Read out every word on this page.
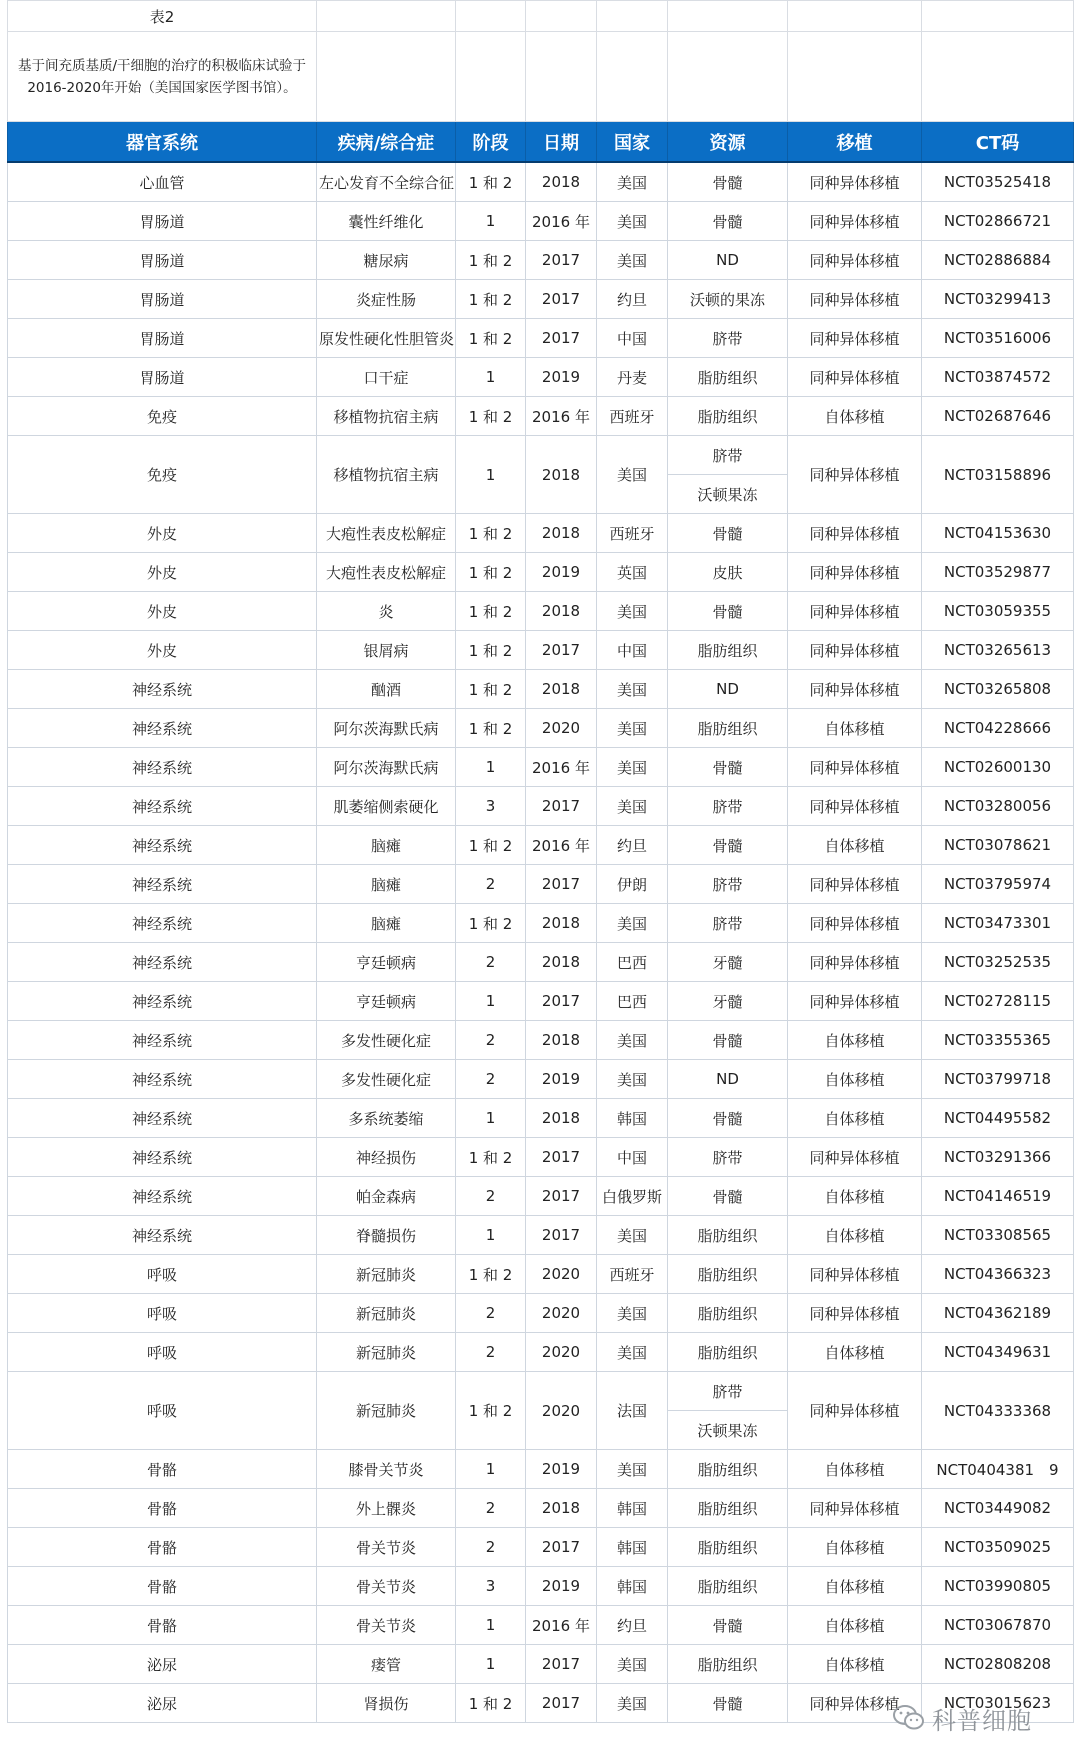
表2							
基于间充质基质/干细胞的治疗的积极临床试验于2016-2020年开始（美国国家医学图书馆）。							
器官系统	疾病/综合症	阶段	日期	国家	资源	移植	CT码
心血管	左心发育不全综合征	1 和 2	2018	美国	骨髓	同种异体移植	NCT03525418
胃肠道	囊性纤维化	1	2016 年	美国	骨髓	同种异体移植	NCT02866721
胃肠道	糖尿病	1 和 2	2017	美国	ND	同种异体移植	NCT02886884
胃肠道	炎症性肠	1 和 2	2017	约旦	沃顿的果冻	同种异体移植	NCT03299413
胃肠道	原发性硬化性胆管炎	1 和 2	2017	中国	脐带	同种异体移植	NCT03516006
胃肠道	口干症	1	2019	丹麦	脂肪组织	同种异体移植	NCT03874572
免疫	移植物抗宿主病	1 和 2	2016 年	西班牙	脂肪组织	自体移植	NCT02687646
免疫	移植物抗宿主病	1	2018	美国	脐带	同种异体移植	NCT03158896
					沃顿果冻		
外皮	大疱性表皮松解症	1 和 2	2018	西班牙	骨髓	同种异体移植	NCT04153630
外皮	大疱性表皮松解症	1 和 2	2019	英国	皮肤	同种异体移植	NCT03529877
外皮	炎	1 和 2	2018	美国	骨髓	同种异体移植	NCT03059355
外皮	银屑病	1 和 2	2017	中国	脂肪组织	同种异体移植	NCT03265613
神经系统	酗酒	1 和 2	2018	美国	ND	同种异体移植	NCT03265808
神经系统	阿尔茨海默氏病	1 和 2	2020	美国	脂肪组织	自体移植	NCT04228666
神经系统	阿尔茨海默氏病	1	2016 年	美国	骨髓	同种异体移植	NCT02600130
神经系统	肌萎缩侧索硬化	3	2017	美国	脐带	同种异体移植	NCT03280056
神经系统	脑瘫	1 和 2	2016 年	约旦	骨髓	自体移植	NCT03078621
神经系统	脑瘫	2	2017	伊朗	脐带	同种异体移植	NCT03795974
神经系统	脑瘫	1 和 2	2018	美国	脐带	同种异体移植	NCT03473301
神经系统	亨廷顿病	2	2018	巴西	牙髓	同种异体移植	NCT03252535
神经系统	亨廷顿病	1	2017	巴西	牙髓	同种异体移植	NCT02728115
神经系统	多发性硬化症	2	2018	美国	骨髓	自体移植	NCT03355365
神经系统	多发性硬化症	2	2019	美国	ND	自体移植	NCT03799718
神经系统	多系统萎缩	1	2018	韩国	骨髓	自体移植	NCT04495582
神经系统	神经损伤	1 和 2	2017	中国	脐带	同种异体移植	NCT03291366
神经系统	帕金森病	2	2017	白俄罗斯	骨髓	自体移植	NCT04146519
神经系统	脊髓损伤	1	2017	美国	脂肪组织	自体移植	NCT03308565
呼吸	新冠肺炎	1 和 2	2020	西班牙	脂肪组织	同种异体移植	NCT04366323
呼吸	新冠肺炎	2	2020	美国	脂肪组织	同种异体移植	NCT04362189
呼吸	新冠肺炎	2	2020	美国	脂肪组织	自体移植	NCT04349631
呼吸	新冠肺炎	1 和 2	2020	法国	脐带	同种异体移植	NCT04333368
					沃顿果冻		
骨骼	膝骨关节炎	1	2019	美国	脂肪组织	自体移植	NCT0404381　9
骨骼	外上髁炎	2	2018	韩国	脂肪组织	同种异体移植	NCT03449082
骨骼	骨关节炎	2	2017	韩国	脂肪组织	自体移植	NCT03509025
骨骼	骨关节炎	3	2019	韩国	脂肪组织	自体移植	NCT03990805
骨骼	骨关节炎	1	2016 年	约旦	骨髓	自体移植	NCT03067870
泌尿	瘘管	1	2017	美国	脂肪组织	自体移植	NCT02808208
泌尿	肾损伤	1 和 2	2017	美国	骨髓	同种异体移植	NCT03015623
科普细胞
